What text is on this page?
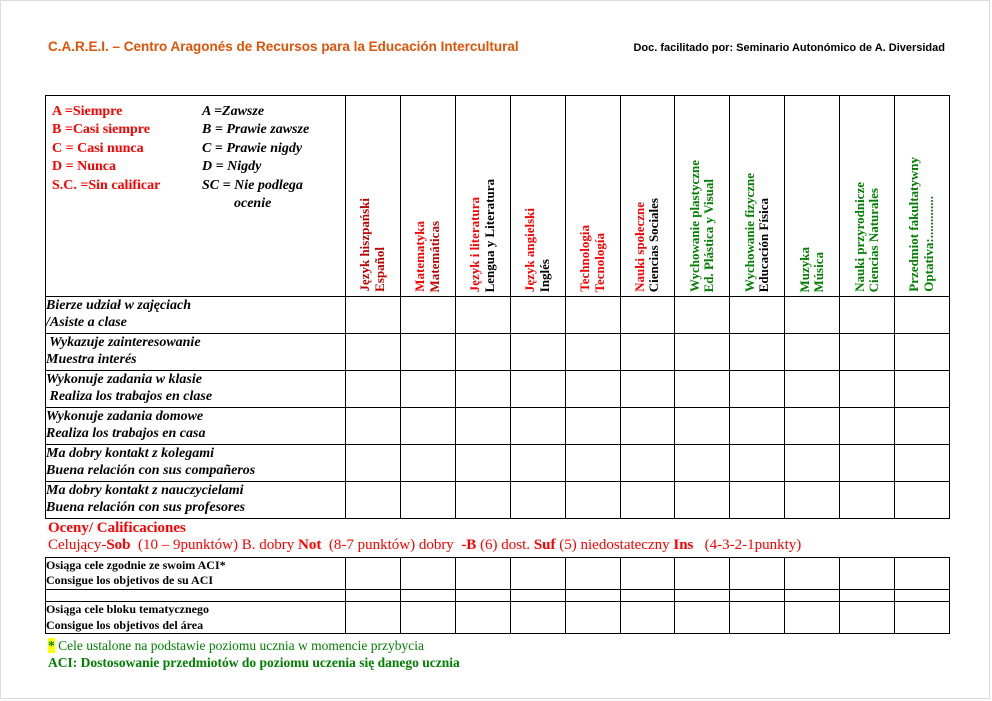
C.A.R.E.I. – Centro Aragonés de Recursos para la Educación Intercultural	Doc. facilitado por: Seminario Autonómico de A. Diversidad
A =Siempre
B =Casi siempre
C = Casi nunca
D = Nunca
S.C. =Sin calificar
A =Zawsze
B = Prawie zawsze
C = Prawie nigdy
D = Nigdy
SC = Nie podlega
ocenie	Język hiszpański Español	Matematyka Matemáticas	Język i literatura Lengua y Literatura	Język angielski Inglés	Technologia Tecnología	Nauki społeczne Ciencias Sociales	Wychowanie plastyczne Ed. Plástica y Visual	Wychowanie fizyczne Educación Física	Muzyka Música	Nauki przyrodnicze Ciencias Naturales	Przedmiot fakultatywny Optativa:.............

Bierze udział w zajęciach
/Asiste a clase											

Wykazuje zainteresowanie
Muestra interés											

Wykonuje zadania w klasie
Realiza los trabajos en clase											

Wykonuje zadania domowe
Realiza los trabajos en casa											

Ma dobry kontakt z kolegami
Buena relación con sus compañeros											

Ma dobry kontakt z nauczycielami
Buena relación con sus profesores											

Oceny/ Calificaciones
Celujący-Sob  (10 – 9punktów) B. dobry Not  (8-7 punktów) dobry  -B (6) dost. Suf (5) niedostateczny Ins   (4-3-2-1punkty)
Osiąga cele zgodnie ze swoim ACI*
Consigue los objetivos de su ACI											

Osiąga cele bloku tematycznego
Consigue los objetivos del área											

* Cele ustalone na podstawie poziomu ucznia w momencie przybycia
ACI: Dostosowanie przedmiotów do poziomu uczenia się danego ucznia
